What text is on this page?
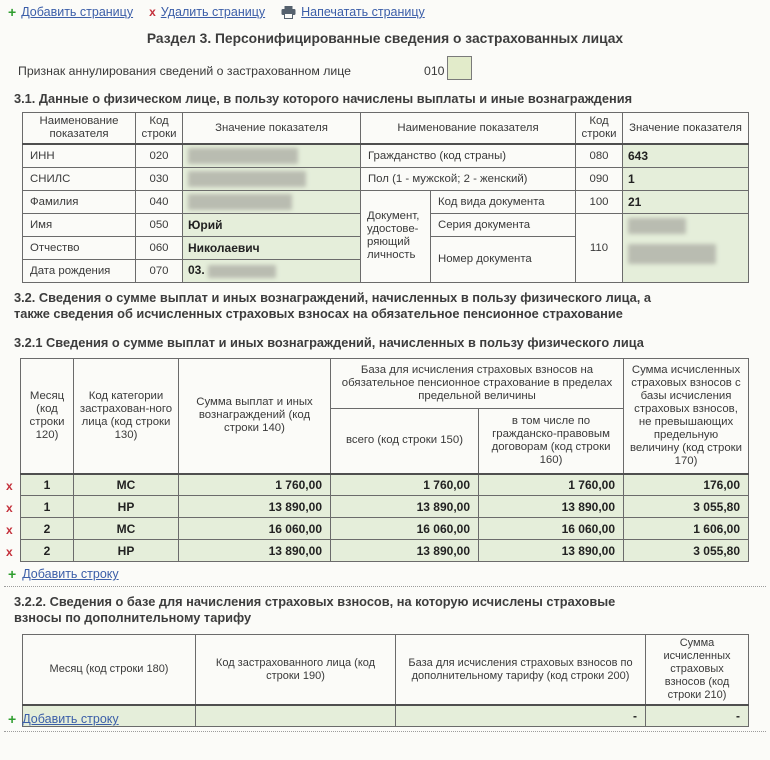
+ Добавить страницу x Удалить страницу	Напечатать страницу
Раздел 3. Персонифицированные сведения о застрахованных лицах
Признак аннулирования сведений о застрахованном лице	010
3.1. Данные о физическом лице, в пользу которого начислены выплаты и иные вознаграждения
Наименование показателя	Код строки	Значение показателя	Наименование показателя		Код строки	Значение показателя
ИНН	020		Гражданство (код страны)		080	643
СНИЛС	030		Пол (1 - мужской; 2 - женский)		090	1
Фамилия	040		Документ, удостове-ряющий личность	Код вида документа	100	21
Имя	050	Юрий		Серия документа	110	

Отчество	060	Николаевич		Номер документа		
Дата рождения	070	03.				
3.2. Сведения о сумме выплат и иных вознаграждений, начисленных в пользу физического лица, а также сведения об исчисленных страховых взносах на обязательное пенсионное страхование
3.2.1 Сведения о сумме выплат и иных вознаграждений, начисленных в пользу физического лица
Месяц (код строки 120)	Код категории застрахован-ного лица (код строки 130)	Сумма выплат и иных вознаграждений (код строки 140)	База для исчисления страховых взносов на обязательное пенсионное страхование в пределах предельной величины		Сумма исчисленных страховых взносов с базы исчисления страховых взносов, не превышающих предельную величину (код строки 170)
			всего (код строки 150)	в том числе по гражданско-правовым договорам (код строки 160)	
1	МС	1 760,00	1 760,00	1 760,00	176,00
1	НР	13 890,00	13 890,00	13 890,00	3 055,80
2	МС	16 060,00	16 060,00	16 060,00	1 606,00
2	НР	13 890,00	13 890,00	13 890,00	3 055,80
x
x
x
x
+ Добавить строку
3.2.2. Сведения о базе для начисления страховых взносов, на которую исчислены страховые взносы по дополнительному тарифу
Месяц (код строки 180)	Код застрахованного лица (код строки 190)	База для исчисления страховых взносов по дополнительному тарифу (код строки 200)	Сумма исчисленных страховых взносов (код строки 210)
		-	-
+ Добавить строку
